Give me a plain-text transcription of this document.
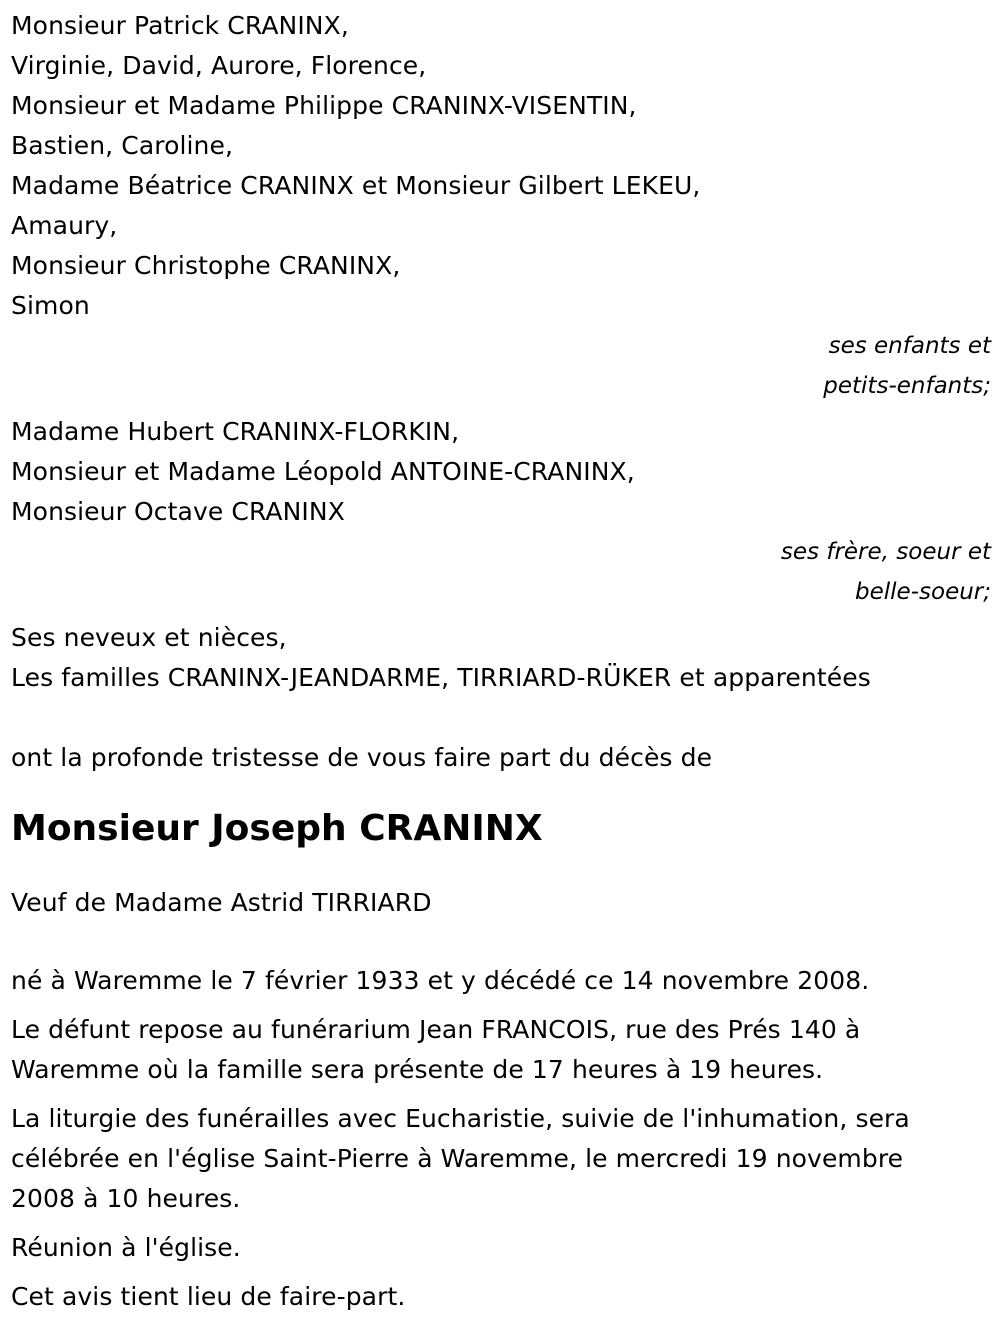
Monsieur Patrick CRANINX,
Virginie, David, Aurore, Florence,
Monsieur et Madame Philippe CRANINX-VISENTIN,
Bastien, Caroline,
Madame Béatrice CRANINX et Monsieur Gilbert LEKEU,
Amaury,
Monsieur Christophe CRANINX,
Simon
ses enfants et
petits-enfants;
Madame Hubert CRANINX-FLORKIN,
Monsieur et Madame Léopold ANTOINE-CRANINX,
Monsieur Octave CRANINX
ses frère, soeur et
belle-soeur;
Ses neveux et nièces,
Les familles CRANINX-JEANDARME, TIRRIARD-RÜKER et apparentées
ont la profonde tristesse de vous faire part du décès de
Monsieur Joseph CRANINX
Veuf de Madame Astrid TIRRIARD

né à Waremme le 7 février 1933 et y décédé ce 14 novembre 2008.

Le défunt repose au funérarium Jean FRANCOIS, rue des Prés 140 à Waremme où la famille sera présente de 17 heures à 19 heures.

La liturgie des funérailles avec Eucharistie, suivie de l'inhumation, sera célébrée en l'église Saint-Pierre à Waremme, le mercredi 19 novembre 2008 à 10 heures.

Réunion à l'église.

Cet avis tient lieu de faire-part.
